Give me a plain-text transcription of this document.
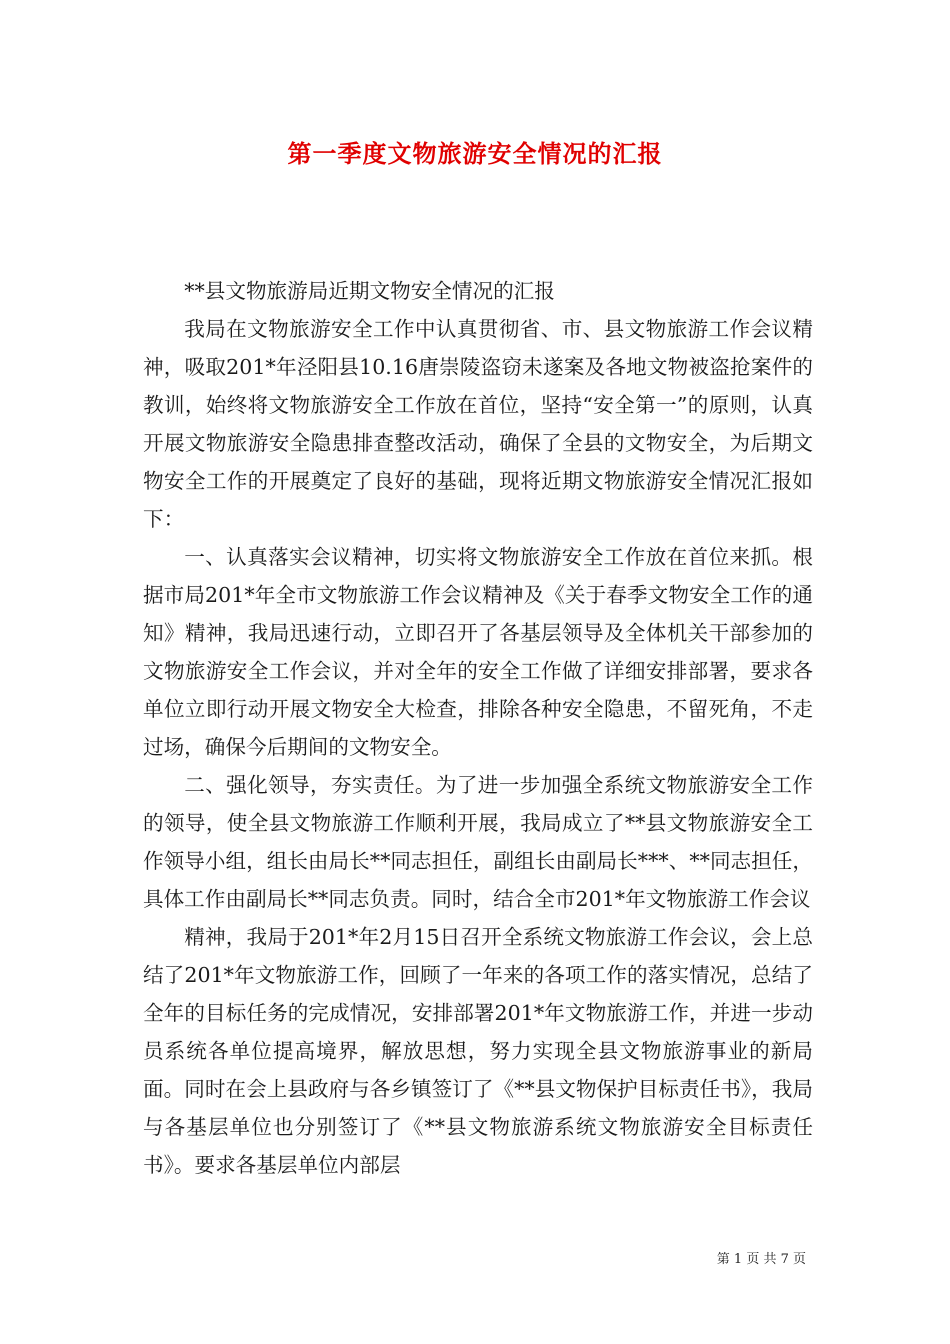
第一季度文物旅游安全情况的汇报

**县文物旅游局近期文物安全情况的汇报

我局在文物旅游安全工作中认真贯彻省、市、县文物旅游工作会议精神，吸取201*年泾阳县10.16唐崇陵盗窃未遂案及各地文物被盗抢案件的教训，始终将文物旅游安全工作放在首位，坚持“安全第一”的原则，认真开展文物旅游安全隐患排查整改活动，确保了全县的文物安全，为后期文物安全工作的开展奠定了良好的基础，现将近期文物旅游安全情况汇报如下：

一、认真落实会议精神，切实将文物旅游安全工作放在首位来抓。根据市局201*年全市文物旅游工作会议精神及《关于春季文物安全工作的通知》精神，我局迅速行动，立即召开了各基层领导及全体机关干部参加的文物旅游安全工作会议，并对全年的安全工作做了详细安排部署，要求各单位立即行动开展文物安全大检查，排除各种安全隐患，不留死角，不走过场，确保今后期间的文物安全。

二、强化领导，夯实责任。为了进一步加强全系统文物旅游安全工作的领导，使全县文物旅游工作顺利开展，我局成立了**县文物旅游安全工作领导小组，组长由局长**同志担任，副组长由副局长***、**同志担任，具体工作由副局长**同志负责。同时，结合全市201*年文物旅游工作会议

精神，我局于201*年2月15日召开全系统文物旅游工作会议，会上总结了201*年文物旅游工作，回顾了一年来的各项工作的落实情况，总结了全年的目标任务的完成情况，安排部署201*年文物旅游工作，并进一步动员系统各单位提高境界，解放思想，努力实现全县文物旅游事业的新局面。同时在会上县政府与各乡镇签订了《**县文物保护目标责任书》，我局与各基层单位也分别签订了《**县文物旅游系统文物旅游安全目标责任书》。要求各基层单位内部层

第 1 页 共 7 页
